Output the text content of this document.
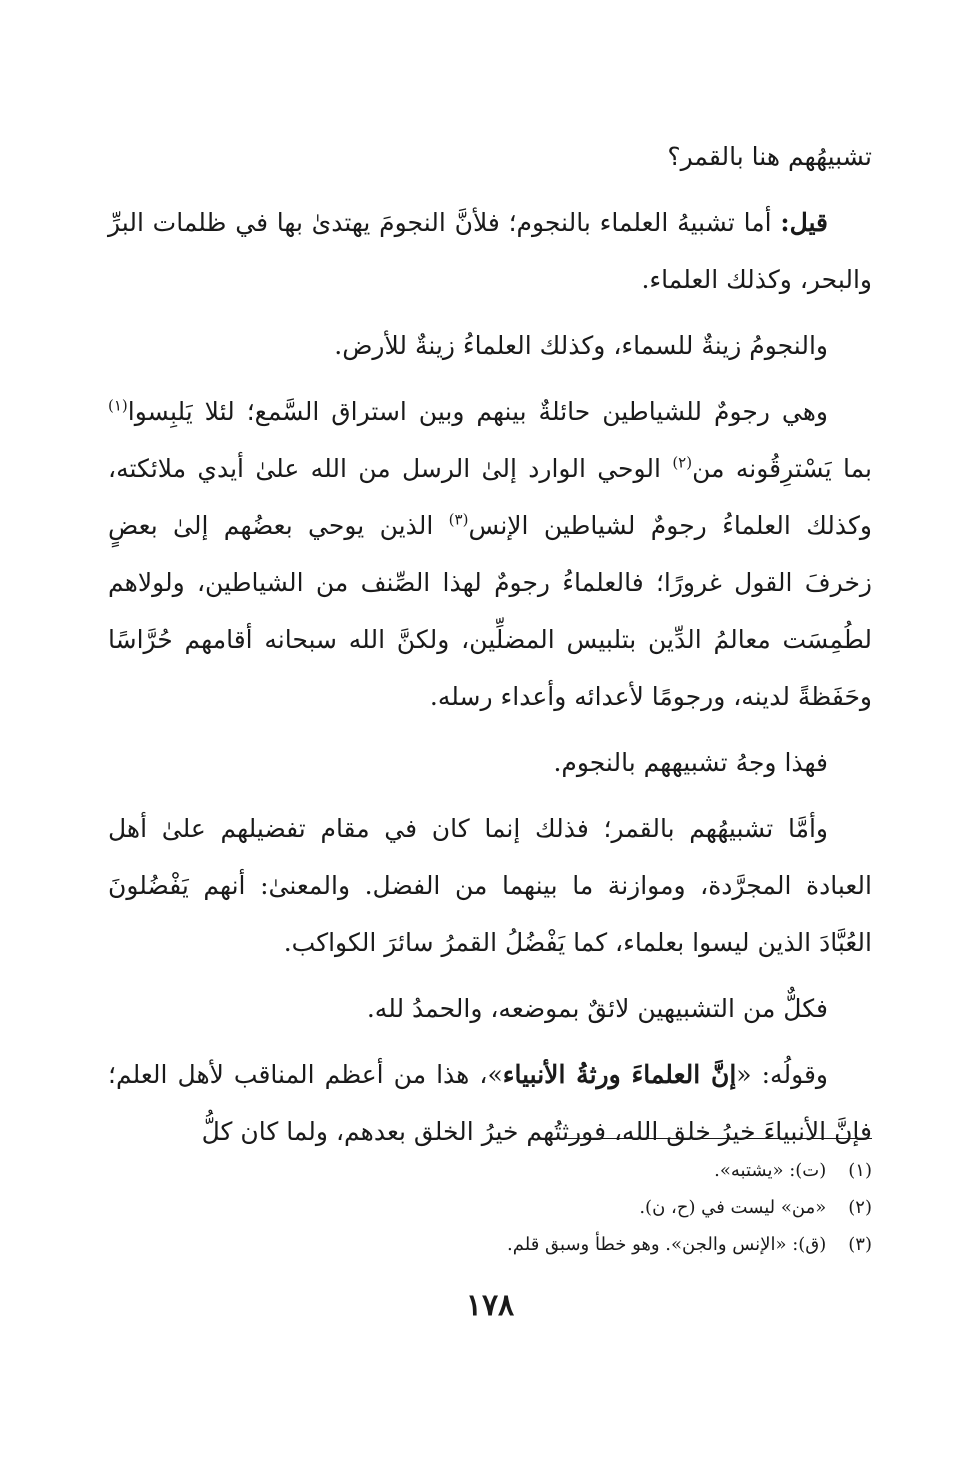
تشبيهُهم هنا بالقمر؟

قيل: أما تشبيهُ العلماء بالنجوم؛ فلأنَّ النجومَ يهتدىٰ بها في ظلمات البرِّ والبحر، وكذلك العلماء.

والنجومُ زينةٌ للسماء، وكذلك العلماءُ زينةٌ للأرض.

وهي رجومٌ للشياطين حائلةٌ بينهم وبين استراق السَّمع؛ لئلا يَلبِسوا$^{(١)}$ بما يَسْترِقُونه من$^{(٢)}$ الوحي الوارد إلىٰ الرسل من الله علىٰ أيدي ملائكته، وكذلك العلماءُ رجومٌ لشياطين الإنس$^{(٣)}$ الذين يوحي بعضُهم إلىٰ بعضٍ زخرفَ القول غرورًا؛ فالعلماءُ رجومٌ لهذا الصِّنف من الشياطين، ولولاهم لطُمِسَت معالمُ الدِّين بتلبيس المضلِّين، ولكنَّ الله سبحانه أقامهم حُرَّاسًا وحَفَظةً لدينه، ورجومًا لأعدائه وأعداء رسله.

فهذا وجهُ تشبيههم بالنجوم.

وأمَّا تشبيهُهم بالقمر؛ فذلك إنما كان في مقام تفضيلهم علىٰ أهل العبادة المجرَّدة، وموازنة ما بينهما من الفضل. والمعنىٰ: أنهم يَفْضُلونَ العُبَّادَ الذين ليسوا بعلماء، كما يَفْضُلُ القمرُ سائرَ الكواكب.

فكلٌّ من التشبيهين لائقٌ بموضعه، والحمدُ لله.

وقولُه: «إنَّ العلماءَ ورثةُ الأنبياء»، هذا من أعظم المناقب لأهل العلم؛ فإنَّ الأنبياءَ خيرُ خلق الله، فورثتُهم خيرُ الخلق بعدهم، ولما كان كلُّ

(١) (ت): «يشتبه».

(٢) «من» ليست في (ح، ن).

(٣) (ق): «الإنس والجن». وهو خطأ وسبق قلم.

١٧٨
